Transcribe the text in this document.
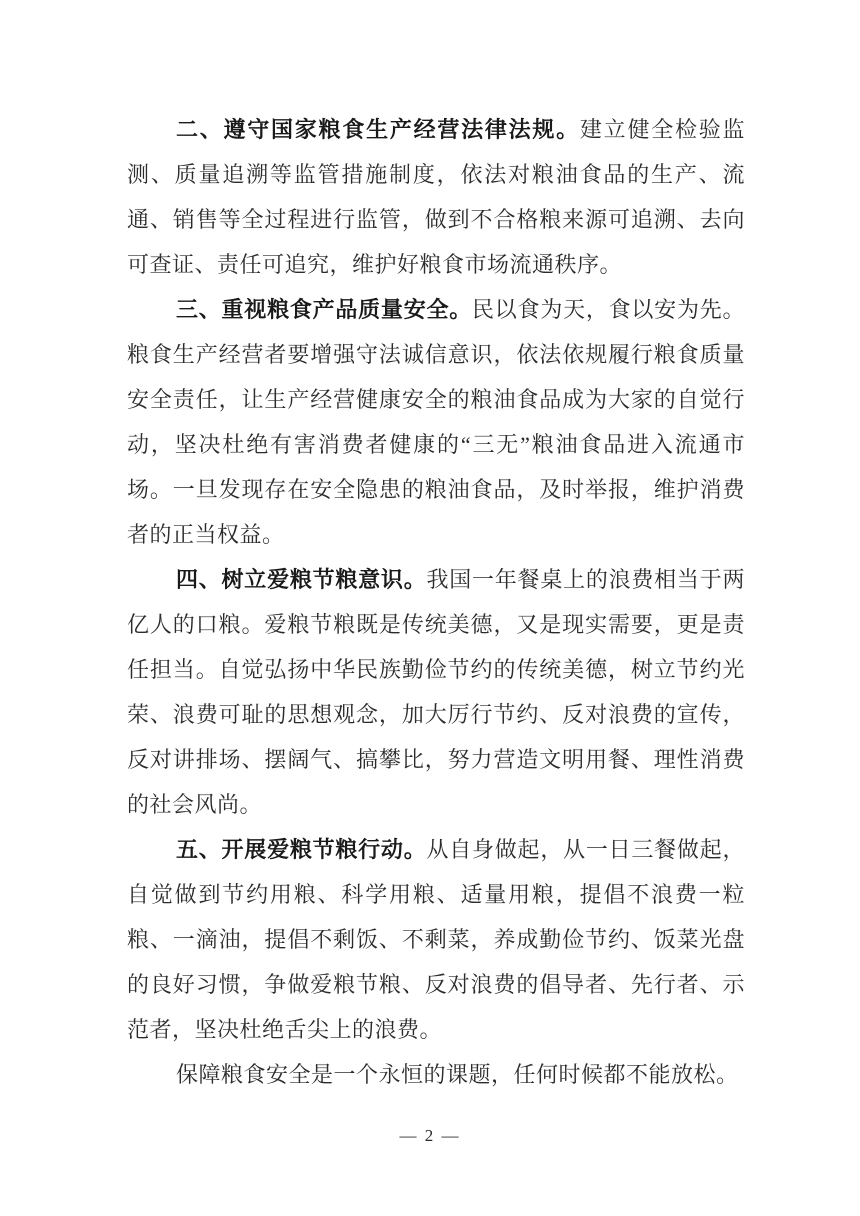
二、遵守国家粮食生产经营法律法规。建立健全检验监测、质量追溯等监管措施制度，依法对粮油食品的生产、流通、销售等全过程进行监管，做到不合格粮来源可追溯、去向可查证、责任可追究，维护好粮食市场流通秩序。

三、重视粮食产品质量安全。民以食为天，食以安为先。粮食生产经营者要增强守法诚信意识，依法依规履行粮食质量安全责任，让生产经营健康安全的粮油食品成为大家的自觉行动，坚决杜绝有害消费者健康的“三无”粮油食品进入流通市场。一旦发现存在安全隐患的粮油食品，及时举报，维护消费者的正当权益。

四、树立爱粮节粮意识。我国一年餐桌上的浪费相当于两亿人的口粮。爱粮节粮既是传统美德，又是现实需要，更是责任担当。自觉弘扬中华民族勤俭节约的传统美德，树立节约光荣、浪费可耻的思想观念，加大厉行节约、反对浪费的宣传，反对讲排场、摆阔气、搞攀比，努力营造文明用餐、理性消费的社会风尚。

五、开展爱粮节粮行动。从自身做起，从一日三餐做起，自觉做到节约用粮、科学用粮、适量用粮，提倡不浪费一粒粮、一滴油，提倡不剩饭、不剩菜，养成勤俭节约、饭菜光盘的良好习惯，争做爱粮节粮、反对浪费的倡导者、先行者、示范者，坚决杜绝舌尖上的浪费。

保障粮食安全是一个永恒的课题，任何时候都不能放松。

— 2 —
